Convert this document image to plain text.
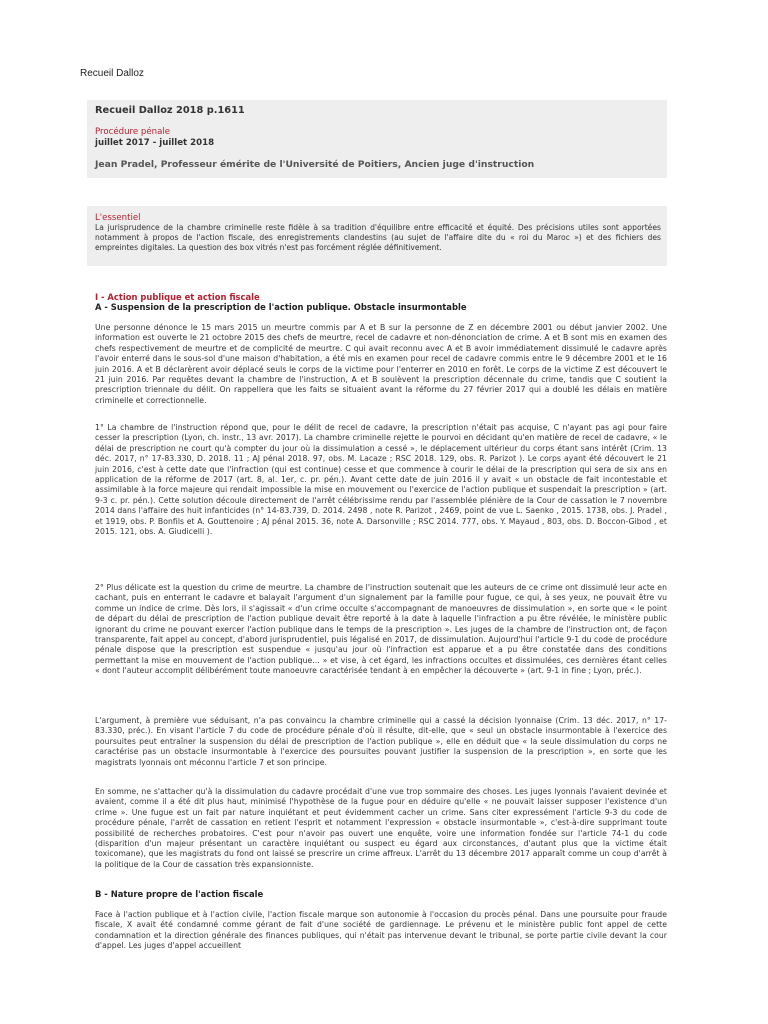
Recueil Dalloz
Recueil Dalloz 2018 p.1611
Procédure pénale
juillet 2017 - juillet 2018
Jean Pradel, Professeur émérite de l'Université de Poitiers, Ancien juge d'instruction
L'essentiel
La jurisprudence de la chambre criminelle reste fidèle à sa tradition d'équilibre entre efficacité et équité. Des précisions utiles sont apportées notamment à propos de l'action fiscale, des enregistrements clandestins (au sujet de l'affaire dite du « roi du Maroc ») et des fichiers des empreintes digitales. La question des box vitrés n'est pas forcément réglée définitivement.
I - Action publique et action fiscale
A - Suspension de la prescription de l'action publique. Obstacle insurmontable
Une personne dénonce le 15 mars 2015 un meurtre commis par A et B sur la personne de Z en décembre 2001 ou début janvier 2002. Une information est ouverte le 21 octobre 2015 des chefs de meurtre, recel de cadavre et non-dénonciation de crime. A et B sont mis en examen des chefs respectivement de meurtre et de complicité de meurtre. C qui avait reconnu avec A et B avoir immédiatement dissimulé le cadavre après l'avoir enterré dans le sous-sol d'une maison d'habitation, a été mis en examen pour recel de cadavre commis entre le 9 décembre 2001 et le 16 juin 2016. A et B déclarèrent avoir déplacé seuls le corps de la victime pour l'enterrer en 2010 en forêt. Le corps de la victime Z est découvert le 21 juin 2016. Par requêtes devant la chambre de l'instruction, A et B soulèvent la prescription décennale du crime, tandis que C soutient la prescription triennale du délit. On rappellera que les faits se situaient avant la réforme du 27 février 2017 qui a doublé les délais en matière criminelle et correctionnelle.
1° La chambre de l'instruction répond que, pour le délit de recel de cadavre, la prescription n'était pas acquise, C n'ayant pas agi pour faire cesser la prescription (Lyon, ch. instr., 13 avr. 2017). La chambre criminelle rejette le pourvoi en décidant qu'en matière de recel de cadavre, « le délai de prescription ne court qu'à compter du jour où la dissimulation a cessé », le déplacement ultérieur du corps étant sans intérêt (Crim. 13 déc. 2017, n° 17-83.330, D. 2018. 11 ; AJ pénal 2018. 97, obs. M. Lacaze ; RSC 2018. 129, obs. R. Parizot ). Le corps ayant été découvert le 21 juin 2016, c'est à cette date que l'infraction (qui est continue) cesse et que commence à courir le délai de la prescription qui sera de six ans en application de la réforme de 2017 (art. 8, al. 1er, c. pr. pén.). Avant cette date de juin 2016 il y avait « un obstacle de fait incontestable et assimilable à la force majeure qui rendait impossible la mise en mouvement ou l'exercice de l'action publique et suspendait la prescription » (art. 9-3 c. pr. pén.). Cette solution découle directement de l'arrêt célébrissime rendu par l'assemblée plénière de la Cour de cassation le 7 novembre 2014 dans l'affaire des huit infanticides (n° 14-83.739, D. 2014. 2498 , note R. Parizot , 2469, point de vue L. Saenko , 2015. 1738, obs. J. Pradel , et 1919, obs. P. Bonfils et A. Gouttenoire ; AJ pénal 2015. 36, note A. Darsonville ; RSC 2014. 777, obs. Y. Mayaud , 803, obs. D. Boccon-Gibod , et 2015. 121, obs. A. Giudicelli ).
2° Plus délicate est la question du crime de meurtre. La chambre de l'instruction soutenait que les auteurs de ce crime ont dissimulé leur acte en cachant, puis en enterrant le cadavre et balayait l'argument d'un signalement par la famille pour fugue, ce qui, à ses yeux, ne pouvait être vu comme un indice de crime. Dès lors, il s'agissait « d'un crime occulte s'accompagnant de manoeuvres de dissimulation », en sorte que « le point de départ du délai de prescription de l'action publique devait être reporté à la date à laquelle l'infraction a pu être révélée, le ministère public ignorant du crime ne pouvant exercer l'action publique dans le temps de la prescription ». Les juges de la chambre de l'instruction ont, de façon transparente, fait appel au concept, d'abord jurisprudentiel, puis légalisé en 2017, de dissimulation. Aujourd'hui l'article 9-1 du code de procédure pénale dispose que la prescription est suspendue « jusqu'au jour où l'infraction est apparue et a pu être constatée dans des conditions permettant la mise en mouvement de l'action publique... » et vise, à cet égard, les infractions occultes et dissimulées, ces dernières étant celles « dont l'auteur accomplit délibérément toute manoeuvre caractérisée tendant à en empêcher la découverte » (art. 9-1 in fine ; Lyon, préc.).
L'argument, à première vue séduisant, n'a pas convaincu la chambre criminelle qui a cassé la décision lyonnaise (Crim. 13 déc. 2017, n° 17-83.330, préc.). En visant l'article 7 du code de procédure pénale d'où il résulte, dit-elle, que « seul un obstacle insurmontable à l'exercice des poursuites peut entraîner la suspension du délai de prescription de l'action publique », elle en déduit que « la seule dissimulation du corps ne caractérise pas un obstacle insurmontable à l'exercice des poursuites pouvant justifier la suspension de la prescription », en sorte que les magistrats lyonnais ont méconnu l'article 7 et son principe.
En somme, ne s'attacher qu'à la dissimulation du cadavre procédait d'une vue trop sommaire des choses. Les juges lyonnais l'avaient devinée et avaient, comme il a été dit plus haut, minimisé l'hypothèse de la fugue pour en déduire qu'elle « ne pouvait laisser supposer l'existence d'un crime ». Une fugue est un fait par nature inquiétant et peut évidemment cacher un crime. Sans citer expressément l'article 9-3 du code de procédure pénale, l'arrêt de cassation en retient l'esprit et notamment l'expression « obstacle insurmontable », c'est-à-dire supprimant toute possibilité de recherches probatoires. C'est pour n'avoir pas ouvert une enquête, voire une information fondée sur l'article 74-1 du code (disparition d'un majeur présentant un caractère inquiétant ou suspect eu égard aux circonstances, d'autant plus que la victime était toxicomane), que les magistrats du fond ont laissé se prescrire un crime affreux. L'arrêt du 13 décembre 2017 apparaît comme un coup d'arrêt à la politique de la Cour de cassation très expansionniste.
B - Nature propre de l'action fiscale
Face à l'action publique et à l'action civile, l'action fiscale marque son autonomie à l'occasion du procès pénal. Dans une poursuite pour fraude fiscale, X avait été condamné comme gérant de fait d'une société de gardiennage. Le prévenu et le ministère public font appel de cette condamnation et la direction générale des finances publiques, qui n'était pas intervenue devant le tribunal, se porte partie civile devant la cour d'appel. Les juges d'appel accueillent
